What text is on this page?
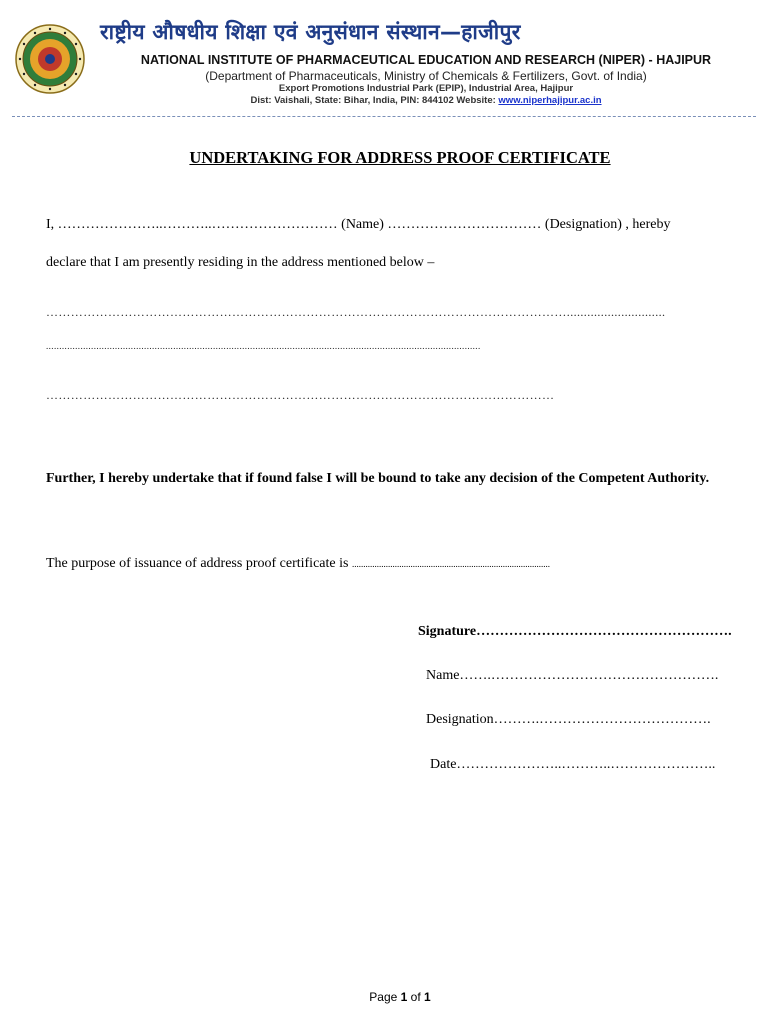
राष्ट्रीय औषधीय शिक्षा एवं अनुसंधान संस्थान—हाजीपुर
NATIONAL INSTITUTE OF PHARMACEUTICAL EDUCATION AND RESEARCH (NIPER) - HAJIPUR
(Department of Pharmaceuticals, Ministry of Chemicals & Fertilizers, Govt. of India)
Export Promotions Industrial Park (EPIP), Industrial Area, Hajipur
Dist: Vaishali, State: Bihar, India, PIN: 844102 Website: www.niperhajipur.ac.in
UNDERTAKING FOR ADDRESS PROOF CERTIFICATE
I, …………………..………..……………………… (Name) …………………………… (Designation) , hereby
declare that I am presently residing in the address mentioned below –
……………………………………………………………………………………………………………….............................
....................................................................................................................................................................
……………………………………………………………………………………………………………
Further, I hereby undertake that if found false I will be bound to take any decision of the Competent Authority.
The purpose of issuance of address proof certificate is ........................................................................................
Signature……………………………………………….
Name…….………………………………………….
Designation……….……………………………….
Date…………………..………..…………………..
Page 1 of 1
